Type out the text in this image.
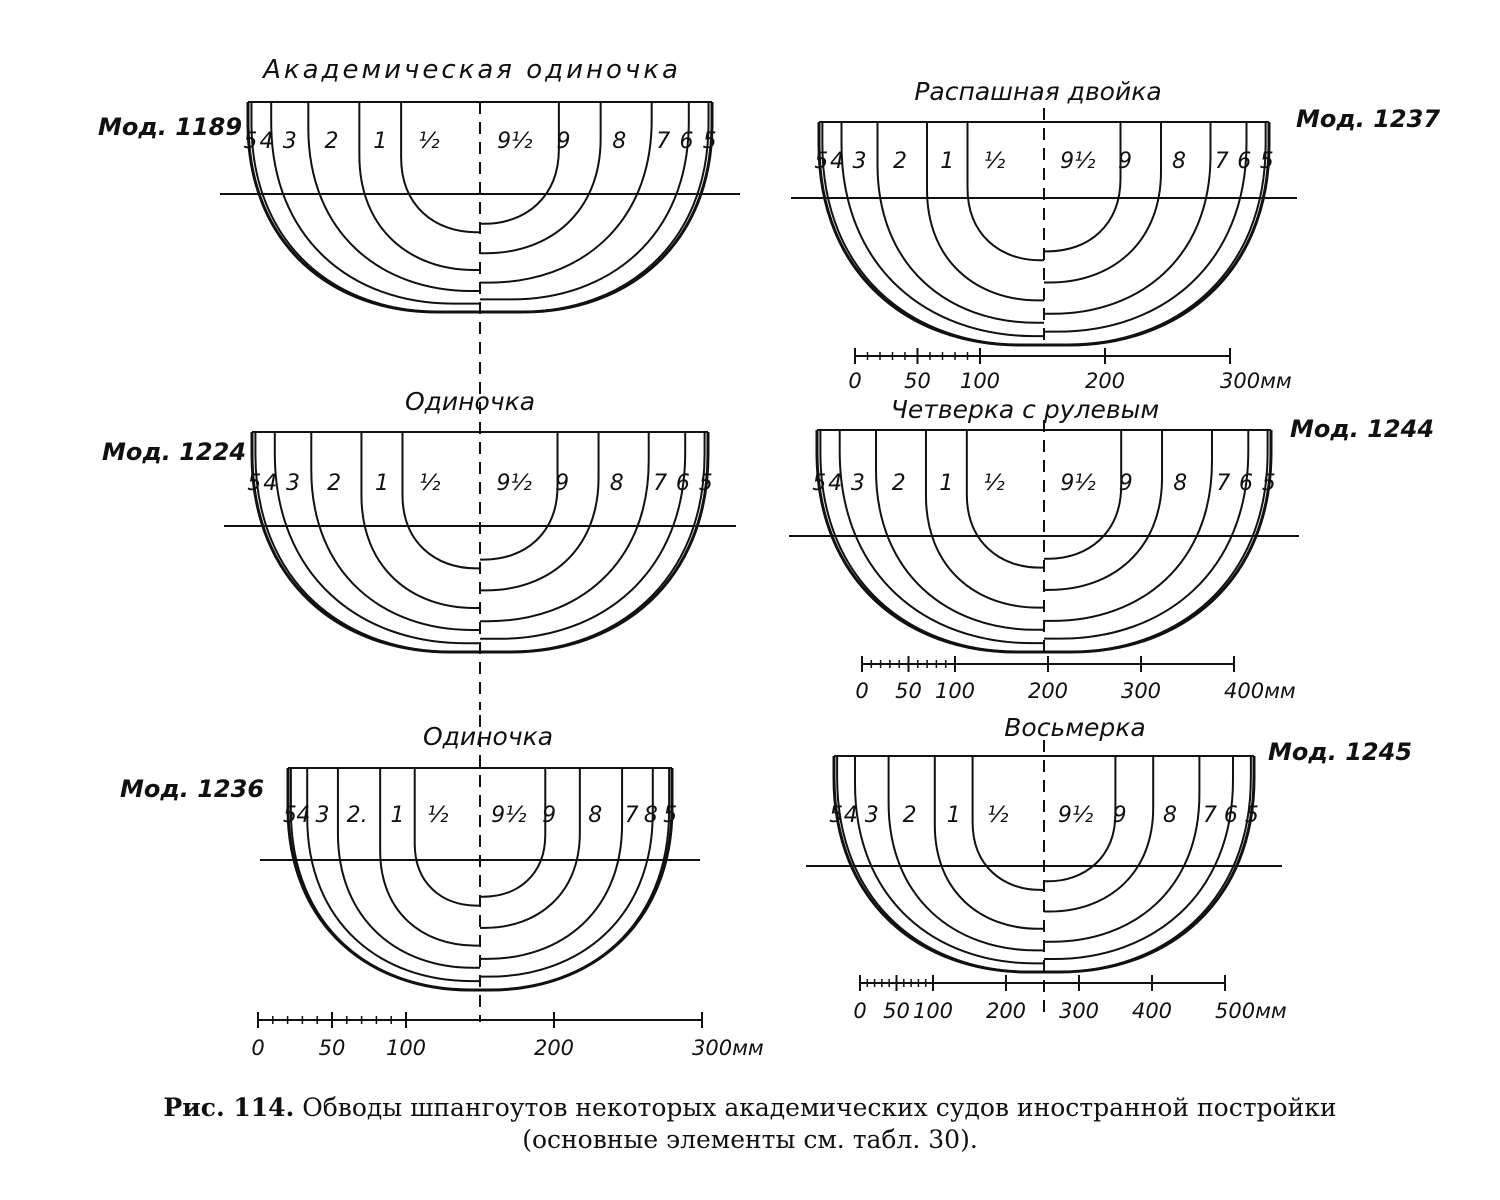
Академическая одиночка
Мод. 1189
5 4 3 2 1 ½	9½ 9 8 7 6 5
Распашная двойка
Мод. 1237
5 4 3 2 1 ½ 9½ 9 8 7 6 5
0 50 100	200	300мм
Одиночка
Мод. 1224
5 4 3 2 1 ½	9½ 9 8 7 6 5
Четверка с рулевым
Мод. 1244
5 4 3 2 1 ½	9½ 9 8 7 6 5
0 50 100	200	300	400мм
Одиночка
Мод. 1236
5 4 3 2. 1 ½ 9½ 9 8 7 8 5
0	50 100	200	300мм
Восьмерка
Мод. 1245
5 4 3 2 1 ½ 9½ 9 8 7 6 5
0 50 100 200 300 400 500мм
Рис. 114. Обводы шпангоутов некоторых академических судов иностранной постройки
(основные элементы см. табл. 30).
